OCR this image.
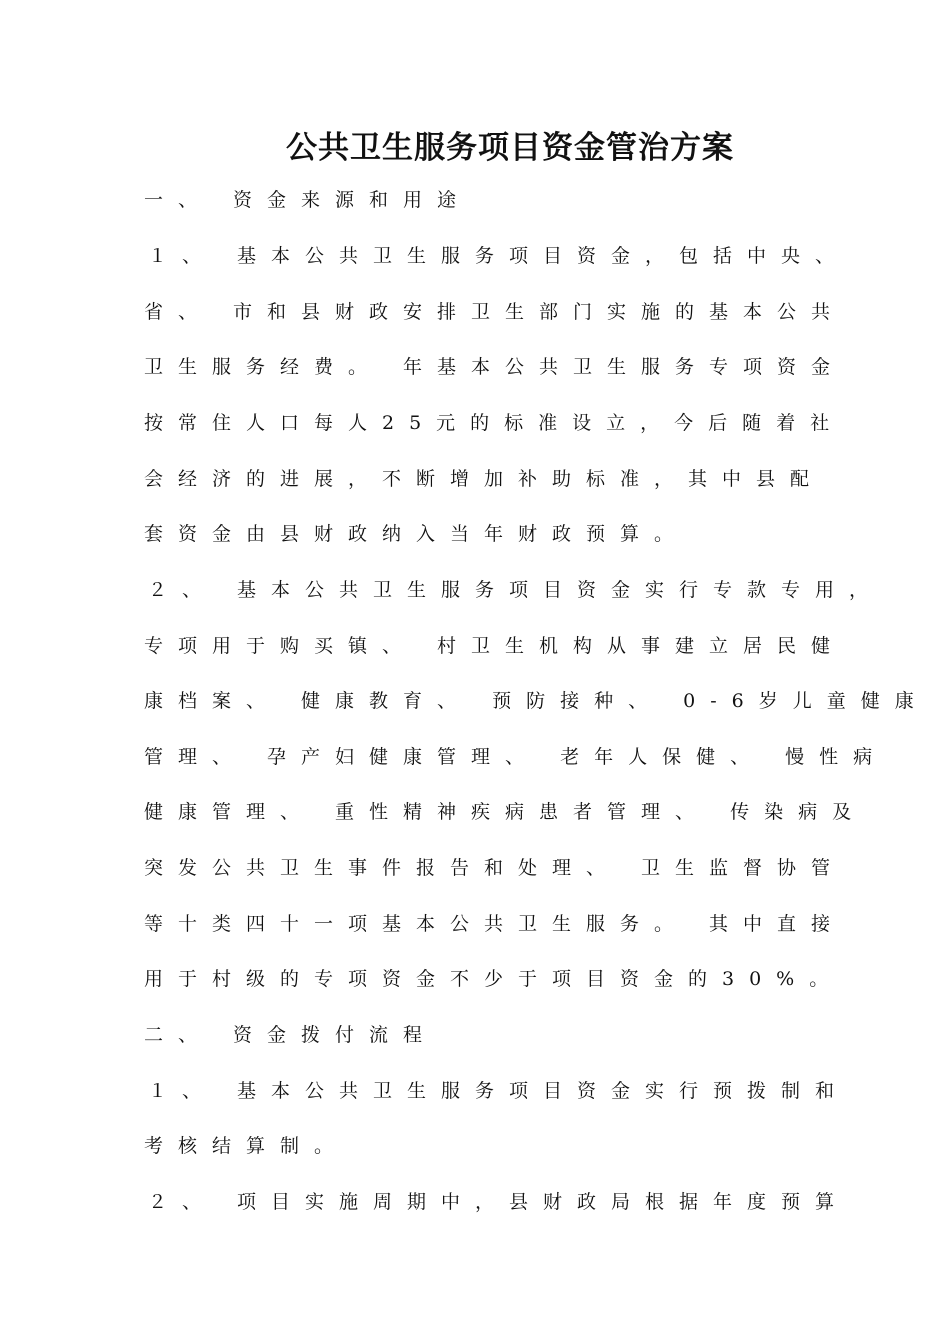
公共卫生服务项目资金管治方案

一、 资金来源和用途

１、 基本公共卫生服务项目资金，包括中央、

省、 市和县财政安排卫生部门实施的基本公共

卫生服务经费。 年基本公共卫生服务专项资金

按常住人口每人25元的标准设立，今后随着社

会经济的进展，不断增加补助标准，其中县配

套资金由县财政纳入当年财政预算。

２、 基本公共卫生服务项目资金实行专款专用，

专项用于购买镇、 村卫生机构从事建立居民健

康档案、 健康教育、 预防接种、 0-6岁儿童健康

管理、 孕产妇健康管理、 老年人保健、 慢性病

健康管理、 重性精神疾病患者管理、 传染病及

突发公共卫生事件报告和处理、 卫生监督协管

等十类四十一项基本公共卫生服务。 其中直接

用于村级的专项资金不少于项目资金的30%。

二、 资金拨付流程

１、 基本公共卫生服务项目资金实行预拨制和

考核结算制。

２、 项目实施周期中，县财政局根据年度预算
